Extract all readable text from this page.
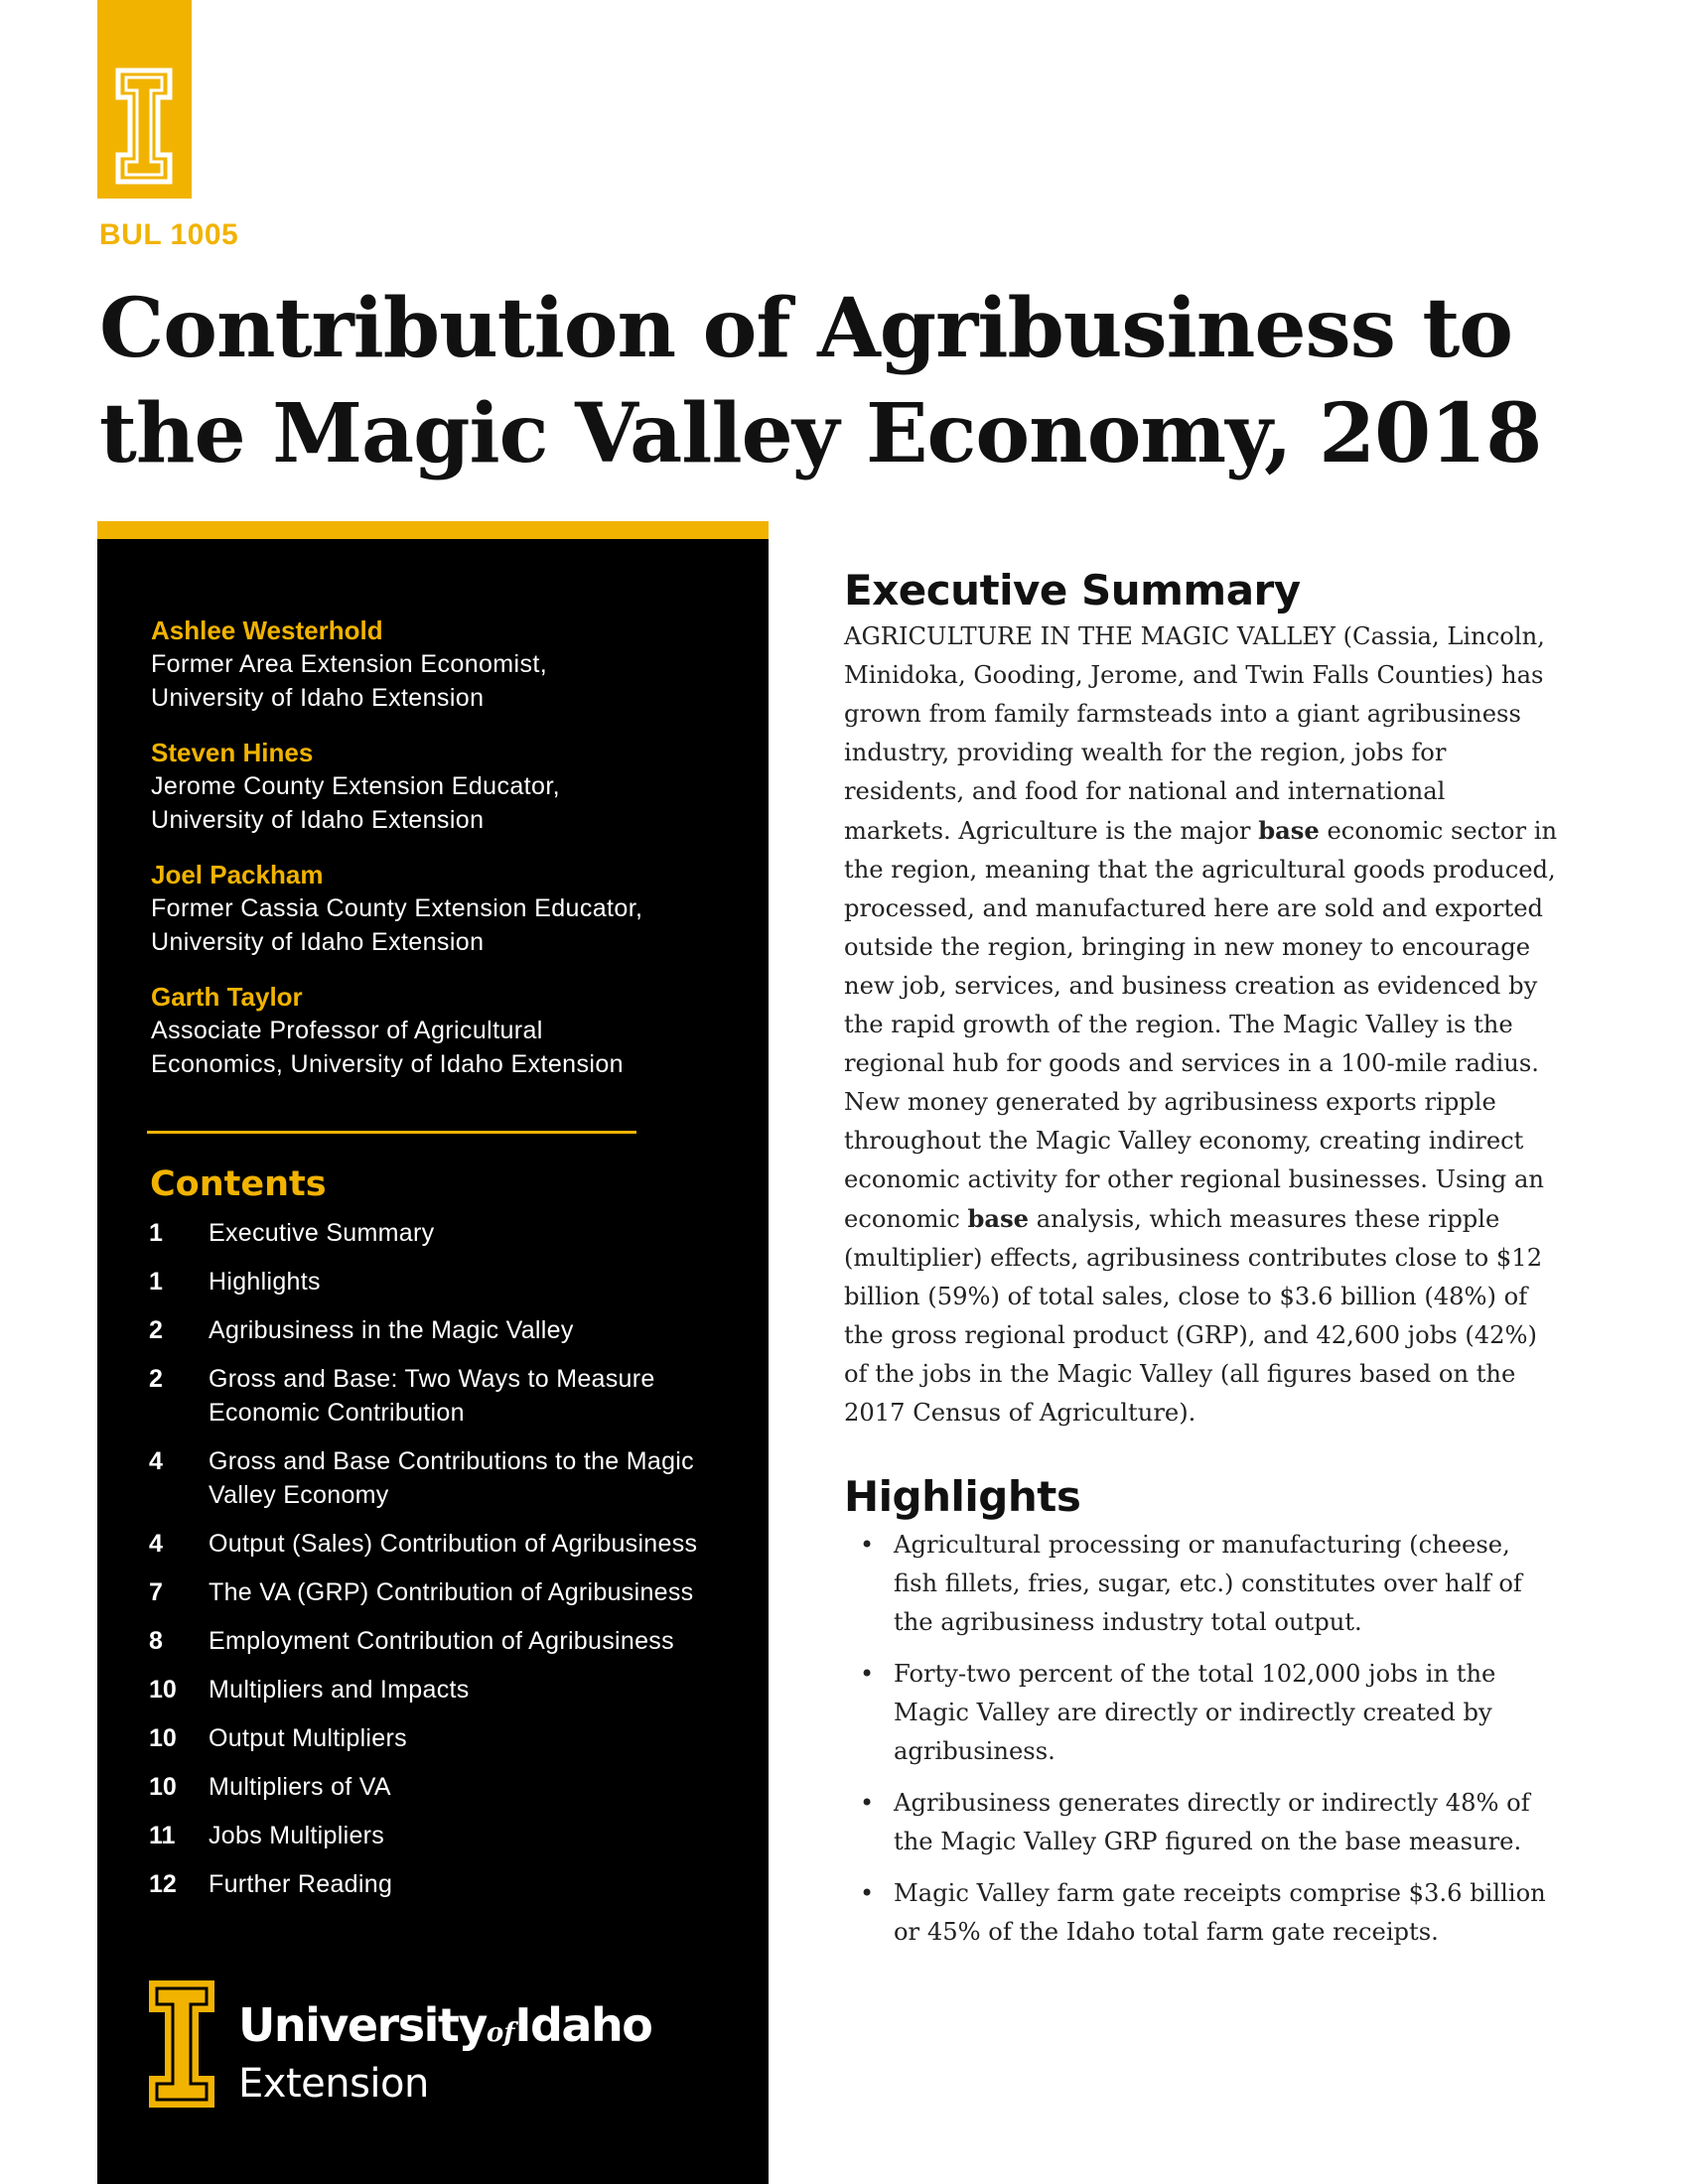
BUL 1005
Contribution of Agribusiness to the Magic Valley Economy, 2018
Ashlee Westerhold
Former Area Extension Economist,
University of Idaho Extension
Steven Hines
Jerome County Extension Educator,
University of Idaho Extension
Joel Packham
Former Cassia County Extension Educator,
University of Idaho Extension
Garth Taylor
Associate Professor of Agricultural
Economics, University of Idaho Extension
Contents
1	Executive Summary
1	Highlights
2	Agribusiness in the Magic Valley
2	Gross and Base: Two Ways to Measure Economic Contribution
4	Gross and Base Contributions to the Magic Valley Economy
4	Output (Sales) Contribution of Agribusiness
7	The VA (GRP) Contribution of Agribusiness
8	Employment Contribution of Agribusiness
10	Multipliers and Impacts
10	Output Multipliers
10	Multipliers of VA
11	Jobs Multipliers
12	Further Reading
UniversityofIdaho
Extension
Executive Summary

AGRICULTURE IN THE MAGIC VALLEY (Cassia, Lincoln, Minidoka, Gooding, Jerome, and Twin Falls Counties) has grown from family farmsteads into a giant agribusiness industry, providing wealth for the region, jobs for residents, and food for national and international markets. Agriculture is the major base economic sector in the region, meaning that the agricultural goods produced, processed, and manufactured here are sold and exported outside the region, bringing in new money to encourage new job, services, and business creation as evidenced by the rapid growth of the region. The Magic Valley is the regional hub for goods and services in a 100-mile radius. New money generated by agribusiness exports ripple throughout the Magic Valley economy, creating indirect economic activity for other regional businesses. Using an economic base analysis, which measures these ripple (multiplier) effects, agribusiness contributes close to $12 billion (59%) of total sales, close to $3.6 billion (48%) of the gross regional product (GRP), and 42,600 jobs (42%) of the jobs in the Magic Valley (all figures based on the 2017 Census of Agriculture).

Highlights
• Agricultural processing or manufacturing (cheese, fish fillets, fries, sugar, etc.) constitutes over half of the agribusiness industry total output.
• Forty-two percent of the total 102,000 jobs in the Magic Valley are directly or indirectly created by agribusiness.
• Agribusiness generates directly or indirectly 48% of the Magic Valley GRP figured on the base measure.
• Magic Valley farm gate receipts comprise $3.6 billion or 45% of the Idaho total farm gate receipts.
